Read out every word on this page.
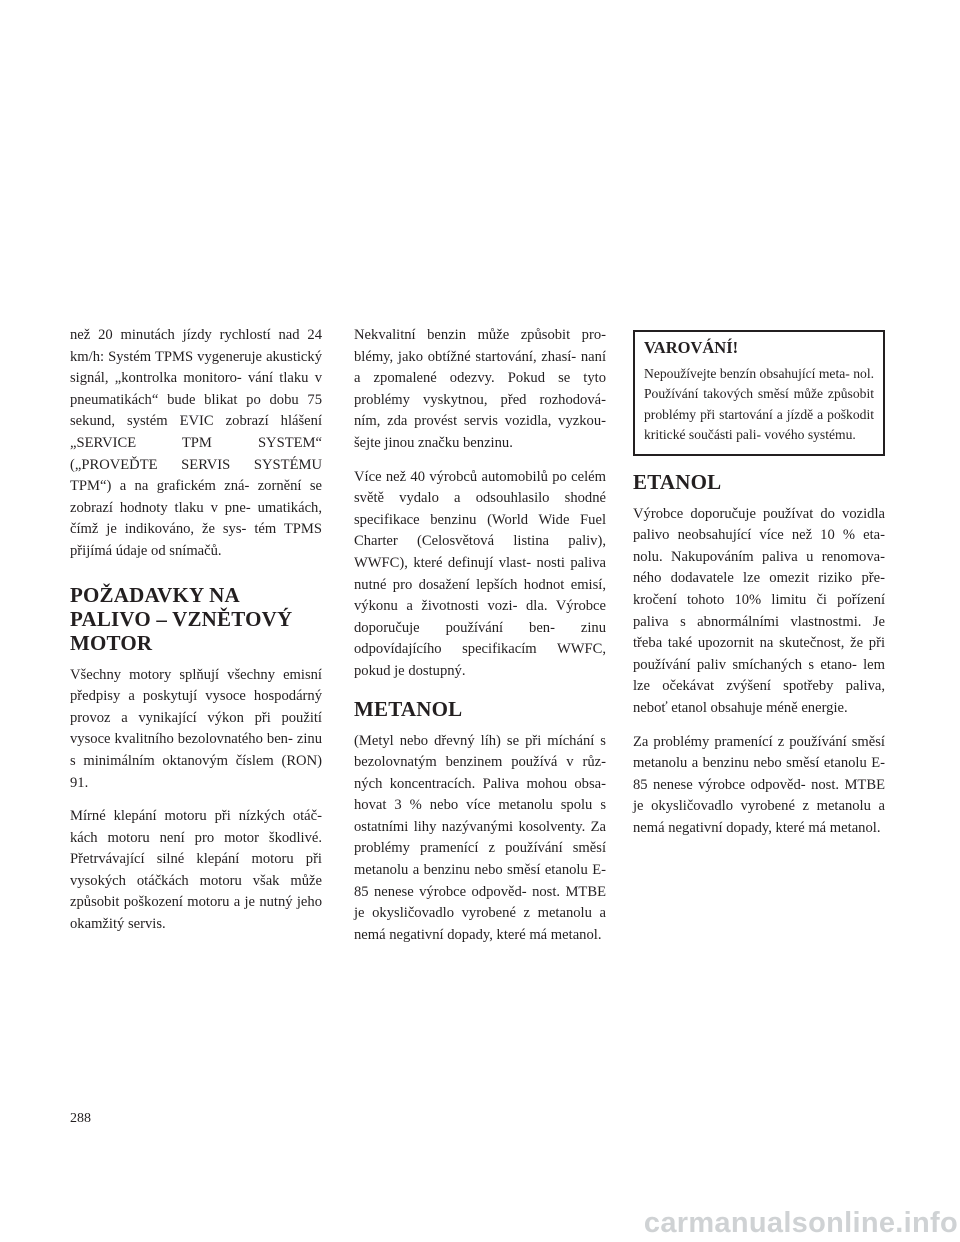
než 20 minutách jízdy rychlostí nad 24 km/h: Systém TPMS vygeneruje akustický signál, „kontrolka monitoro- vání tlaku v pneumatikách“ bude blikat po dobu 75 sekund, systém EVIC zobrazí hlášení „SERVICE TPM SYSTEM“ („PROVEĎTE SERVIS SYSTÉMU TPM“) a na grafickém zná- zornění se zobrazí hodnoty tlaku v pne- umatikách, čímž je indikováno, že sys- tém TPMS přijímá údaje od snímačů.

POŽADAVKY NA PALIVO – VZNĚTOVÝ MOTOR

Všechny motory splňují všechny emisní předpisy a poskytují vysoce hospodárný provoz a vynikající výkon při použití vysoce kvalitního bezolovnatého ben- zinu s minimálním oktanovým číslem (RON) 91.

Mírné klepání motoru při nízkých otáč- kách motoru není pro motor škodlivé. Přetrvávající silné klepání motoru při vysokých otáčkách motoru však může způsobit poškození motoru a je nutný jeho okamžitý servis.

Nekvalitní benzin může způsobit pro- blémy, jako obtížné startování, zhasí- naní a zpomalené odezvy. Pokud se tyto problémy vyskytnou, před rozhodová- ním, zda provést servis vozidla, vyzkou- šejte jinou značku benzinu.

Více než 40 výrobců automobilů po celém světě vydalo a odsouhlasilo shodné specifikace benzinu (World Wide Fuel Charter (Celosvětová listina paliv), WWFC), které definují vlast- nosti paliva nutné pro dosažení lepších hodnot emisí, výkonu a životnosti vozi- dla. Výrobce doporučuje používání ben- zinu odpovídajícího specifikacím WWFC, pokud je dostupný.

METANOL

(Metyl nebo dřevný líh) se při míchání s bezolovnatým benzinem používá v růz- ných koncentracích. Paliva mohou obsa- hovat 3 % nebo více metanolu spolu s ostatními lihy nazývanými kosolventy. Za problémy pramenící z používání směsí metanolu a benzinu nebo směsí etanolu E-85 nenese výrobce odpověd- nost. MTBE je okysličovadlo vyrobené z metanolu a nemá negativní dopady, které má metanol.

VAROVÁNÍ!

Nepoužívejte benzín obsahující meta- nol. Používání takových směsí může způsobit problémy při startování a jízdě a poškodit kritické součásti pali- vového systému.

ETANOL

Výrobce doporučuje používat do vozidla palivo neobsahující více než 10 % eta- nolu. Nakupováním paliva u renomova- ného dodavatele lze omezit riziko pře- kročení tohoto 10% limitu či pořízení paliva s abnormálními vlastnostmi. Je třeba také upozornit na skutečnost, že při používání paliv smíchaných s etano- lem lze očekávat zvýšení spotřeby paliva, neboť etanol obsahuje méně energie.

Za problémy pramenící z používání směsí metanolu a benzinu nebo směsí etanolu E-85 nenese výrobce odpověd- nost. MTBE je okysličovadlo vyrobené z metanolu a nemá negativní dopady, které má metanol.

288
carmanualsonline.info
